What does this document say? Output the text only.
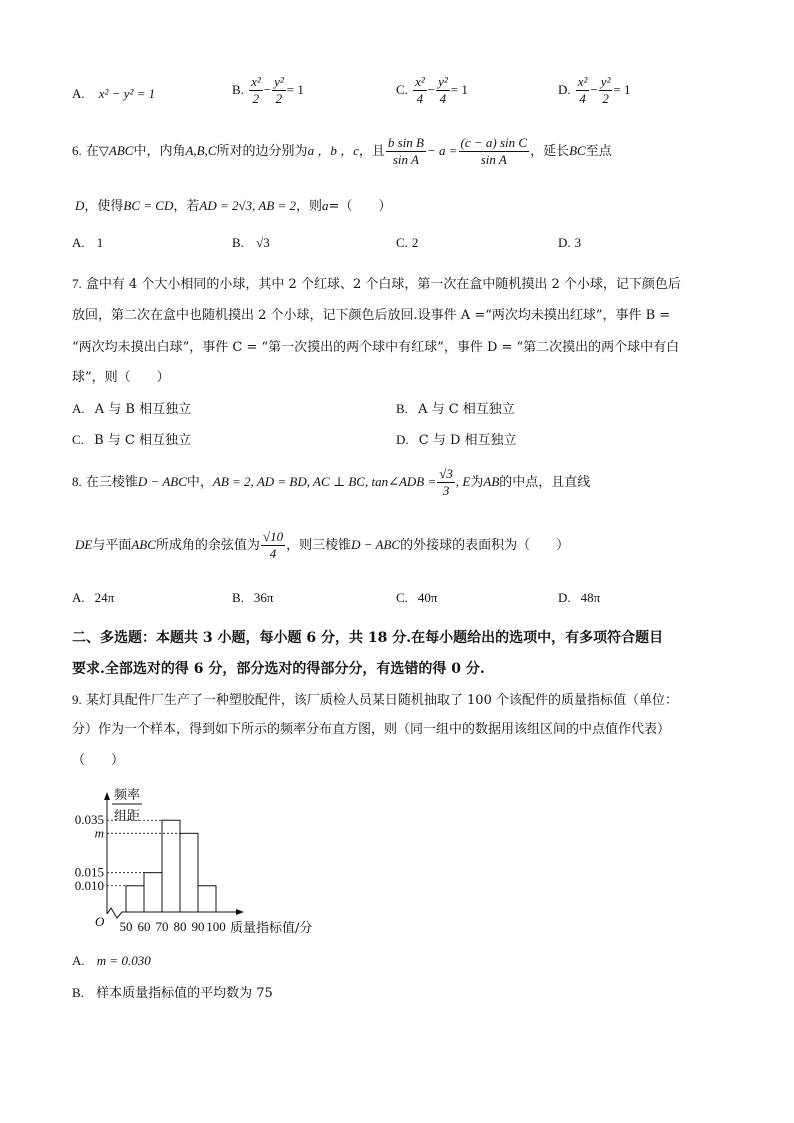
A. x² − y² = 1	B. $\frac{\text{x²}}{2} - \frac{\text{y²}}{2} = 1$	C. $\frac{\text{x²}}{4} - \frac{\text{y²}}{4} = 1$	D. $\frac{\text{x²}}{4} - \frac{\text{y²}}{2} = 1$
6. 在▽ABC中，内角A,B,C所对的边分别为a ，b ，c，且 $\frac{\text{b sin B}}{\text{sin A}} - a = \frac{\text{(c − a) sin C}}{\text{sin A}}$ ，延长BC至点
D，使得BC = CD，若AD = 2√3, AB = 2，则a=（　　）
A. 1	B. √3	C. 2	D. 3
7. 盒中有 4 个大小相同的小球，其中 2 个红球、2 个白球，第一次在盒中随机摸出 2 个小球，记下颜色后
放回，第二次在盒中也随机摸出 2 个小球，记下颜色后放回.设事件 A =“两次均未摸出红球”，事件 B =
“两次均未摸出白球”，事件 C = “第一次摸出的两个球中有红球”，事件 D = “第二次摸出的两个球中有白
球”，则（　　）
A. A 与 B 相互独立	B. A 与 C 相互独立
C. B 与 C 相互独立	D. C 与 D 相互独立
8. 在三棱锥D − ABC中，AB = 2, AD = BD, AC ⊥ BC, tan∠ADB = $\frac{√3}{3}$ , E为AB的中点，且直线
DE与平面ABC所成角的余弦值为 $\frac{√10}{4}$ ，则三棱锥D − ABC的外接球的表面积为（　　）
A. 24π	B. 36π	C. 40π	D. 48π
二、多选题：本题共 3 小题，每小题 6 分，共 18 分.在每小题给出的选项中，有多项符合题目
要求.全部选对的得 6 分，部分选对的得部分分，有选错的得 0 分.
9. 某灯具配件厂生产了一种塑胶配件，该厂质检人员某日随机抽取了 100 个该配件的质量指标值（单位：
分）作为一个样本，得到如下所示的频率分布直方图，则（同一组中的数据用该组区间的中点值作代表）
（　　）
频率
组距
O
0.035
m
0.015
0.010
50 60 70 80 90 100 质量指标值/分
A. m = 0.030
B. 样本质量指标值的平均数为 75
